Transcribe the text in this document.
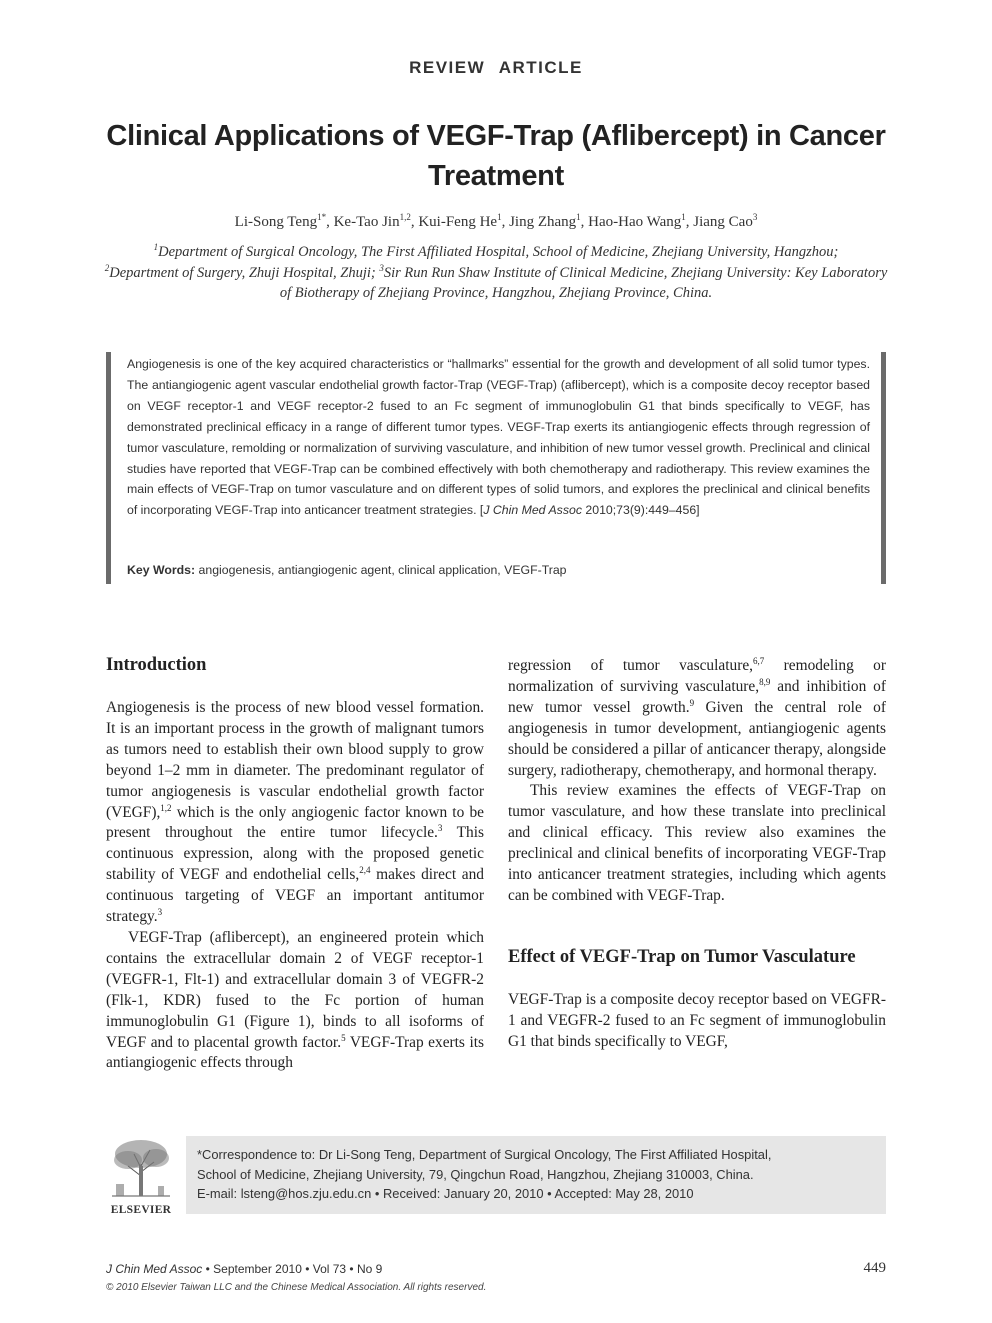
REVIEW ARTICLE
Clinical Applications of VEGF-Trap (Aflibercept) in Cancer Treatment
Li-Song Teng$^{1*}$, Ke-Tao Jin$^{1,2}$, Kui-Feng He$^1$, Jing Zhang$^1$, Hao-Hao Wang$^1$, Jiang Cao$^3$
$^1$Department of Surgical Oncology, The First Affiliated Hospital, School of Medicine, Zhejiang University, Hangzhou;
$^2$Department of Surgery, Zhuji Hospital, Zhuji; $^3$Sir Run Run Shaw Institute of Clinical Medicine, Zhejiang University: Key Laboratory of Biotherapy of Zhejiang Province, Hangzhou, Zhejiang Province, China.
Angiogenesis is one of the key acquired characteristics or “hallmarks” essential for the growth and development of all solid tumor types. The antiangiogenic agent vascular endothelial growth factor-Trap (VEGF-Trap) (aflibercept), which is a composite decoy receptor based on VEGF receptor-1 and VEGF receptor-2 fused to an Fc segment of immunoglobulin G1 that binds specifically to VEGF, has demonstrated preclinical efficacy in a range of different tumor types. VEGF-Trap exerts its antiangiogenic effects through regression of tumor vasculature, remolding or normalization of surviving vasculature, and inhibition of new tumor vessel growth. Preclinical and clinical studies have reported that VEGF-Trap can be combined effectively with both chemotherapy and radiotherapy. This review examines the main effects of VEGF-Trap on tumor vasculature and on different types of solid tumors, and explores the preclinical and clinical benefits of incorporating VEGF-Trap into anticancer treatment strategies. [J Chin Med Assoc 2010;73(9):449–456]
Key Words: angiogenesis, antiangiogenic agent, clinical application, VEGF-Trap
Introduction

Angiogenesis is the process of new blood vessel formation. It is an important process in the growth of malignant tumors as tumors need to establish their own blood supply to grow beyond 1–2 mm in diameter. The predominant regulator of tumor angiogenesis is vascular endothelial growth factor (VEGF),$^{1,2}$ which is the only angiogenic factor known to be present throughout the entire tumor lifecycle.$^3$ This continuous expression, along with the proposed genetic stability of VEGF and endothelial cells,$^{2,4}$ makes direct and continuous targeting of VEGF an important antitumor strategy.$^3$

VEGF-Trap (aflibercept), an engineered protein which contains the extracellular domain 2 of VEGF receptor-1 (VEGFR-1, Flt-1) and extracellular domain 3 of VEGFR-2 (Flk-1, KDR) fused to the Fc portion of human immunoglobulin G1 (Figure 1), binds to all isoforms of VEGF and to placental growth factor.$^5$ VEGF-Trap exerts its antiangiogenic effects through

regression of tumor vasculature,$^{6,7}$ remodeling or normalization of surviving vasculature,$^{8,9}$ and inhibition of new tumor vessel growth.$^9$ Given the central role of angiogenesis in tumor development, antiangiogenic agents should be considered a pillar of anticancer therapy, alongside surgery, radiotherapy, chemotherapy, and hormonal therapy.

This review examines the effects of VEGF-Trap on tumor vasculature, and how these translate into preclinical and clinical efficacy. This review also examines the preclinical and clinical benefits of incorporating VEGF-Trap into anticancer treatment strategies, including which agents can be combined with VEGF-Trap.

Effect of VEGF-Trap on Tumor Vasculature

VEGF-Trap is a composite decoy receptor based on VEGFR-1 and VEGFR-2 fused to an Fc segment of immunoglobulin G1 that binds specifically to VEGF,

ELSEVIER
*Correspondence to: Dr Li-Song Teng, Department of Surgical Oncology, The First Affiliated Hospital,
School of Medicine, Zhejiang University, 79, Qingchun Road, Hangzhou, Zhejiang 310003, China.
E-mail: lsteng@hos.zju.edu.cn • Received: January 20, 2010 • Accepted: May 28, 2010
J Chin Med Assoc • September 2010 • Vol 73 • No 9
© 2010 Elsevier Taiwan LLC and the Chinese Medical Association. All rights reserved.
449
